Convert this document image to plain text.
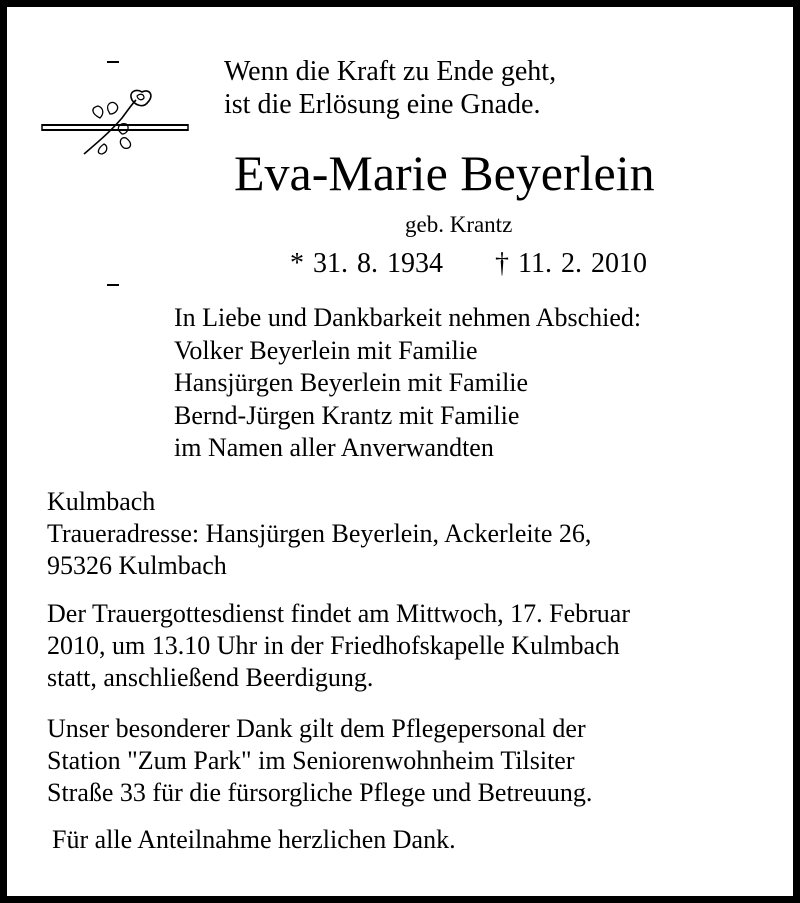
Wenn die Kraft zu Ende geht,
ist die Erlösung eine Gnade.
Eva-Marie Beyerlein
geb. Krantz
* 31. 8. 1934 † 11. 2. 2010
In Liebe und Dankbarkeit nehmen Abschied:
Volker Beyerlein mit Familie
Hansjürgen Beyerlein mit Familie
Bernd-Jürgen Krantz mit Familie
im Namen aller Anverwandten
Kulmbach
Traueradresse: Hansjürgen Beyerlein, Ackerleite 26,
95326 Kulmbach
Der Trauergottesdienst findet am Mittwoch, 17. Februar
2010, um 13.10 Uhr in der Friedhofskapelle Kulmbach
statt, anschließend Beerdigung.
Unser besonderer Dank gilt dem Pflegepersonal der
Station "Zum Park" im Seniorenwohnheim Tilsiter
Straße 33 für die fürsorgliche Pflege und Betreuung.
Für alle Anteilnahme herzlichen Dank.
